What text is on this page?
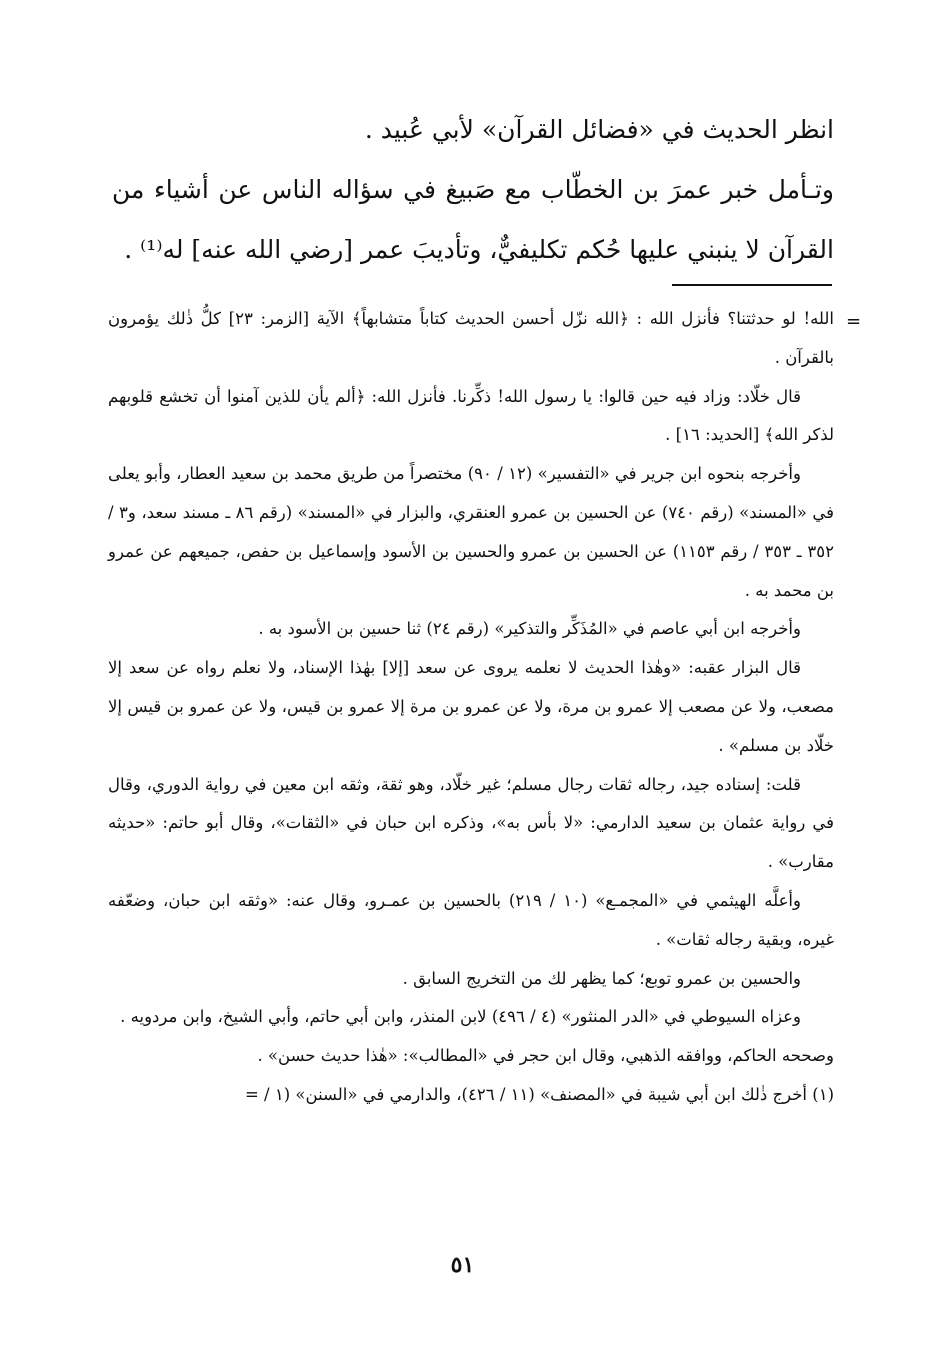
انظر الحديث في «فضائل القرآن» لأبي عُبيد .

وتـأمل خبر عمرَ بن الخطّاب مع صَبيغ في سؤاله الناس عن أشياء من القرآن لا ينبني عليها حُكم تكليفيٌّ، وتأديبَ عمر [رضي الله عنه] له⁽¹⁾ .

=

الله! لو حدثتنا؟ فأنزل الله : ﴿الله نزّل أحسن الحديث كتاباً متشابهاً﴾ الآية [الزمر: ٢٣] كلُّ ذٰلك يؤمرون بالقرآن .

قال خلّاد: وزاد فيه حين قالوا: يا رسول الله! ذكِّرنا. فأنزل الله: ﴿ألم يأن للذين آمنوا أن تخشع قلوبهم لذكر الله﴾ [الحديد: ١٦] .

وأخرجه بنحوه ابن جرير في «التفسير» (١٢ / ٩٠) مختصراً من طريق محمد بن سعيد العطار، وأبو يعلى في «المسند» (رقم ٧٤٠) عن الحسين بن عمرو العنقري، والبزار في «المسند» (رقم ٨٦ ـ مسند سعد، و٣ / ٣٥٢ ـ ٣٥٣ / رقم ١١٥٣) عن الحسين بن عمرو والحسين بن الأسود وإسماعيل بن حفص، جميعهم عن عمرو بن محمد به .

وأخرجه ابن أبي عاصم في «المُذَكِّر والتذكير» (رقم ٢٤) ثنا حسين بن الأسود به .

قال البزار عقبه: «وهٰذا الحديث لا نعلمه يروى عن سعد [إلا] بهٰذا الإسناد، ولا نعلم رواه عن سعد إلا مصعب، ولا عن مصعب إلا عمرو بن مرة، ولا عن عمرو بن مرة إلا عمرو بن قيس، ولا عن عمرو بن قيس إلا خلّاد بن مسلم» .

قلت: إسناده جيد، رجاله ثقات رجال مسلم؛ غير خلّاد، وهو ثقة، وثقه ابن معين في رواية الدوري، وقال في رواية عثمان بن سعيد الدارمي: «لا بأس به»، وذكره ابن حبان في «الثقات»، وقال أبو حاتم: «حديثه مقارب» .

وأعلَّه الهيثمي في «المجمـع» (١٠ / ٢١٩) بالحسين بن عمـرو، وقال عنه: «وثقه ابن حبان، وضعّفه غيره، وبقية رجاله ثقات» .

والحسين بن عمرو توبع؛ كما يظهر لك من التخريج السابق .

وعزاه السيوطي في «الدر المنثور» (٤ / ٤٩٦) لابن المنذر، وابن أبي حاتم، وأبي الشيخ، وابن مردويه .

وصححه الحاكم، ووافقه الذهبي، وقال ابن حجر في «المطالب»: «هٰذا حديث حسن» .

(١) أخرج ذٰلك ابن أبي شيبة في «المصنف» (١١ / ٤٢٦)، والدارمي في «السنن» (١ / =

٥١
